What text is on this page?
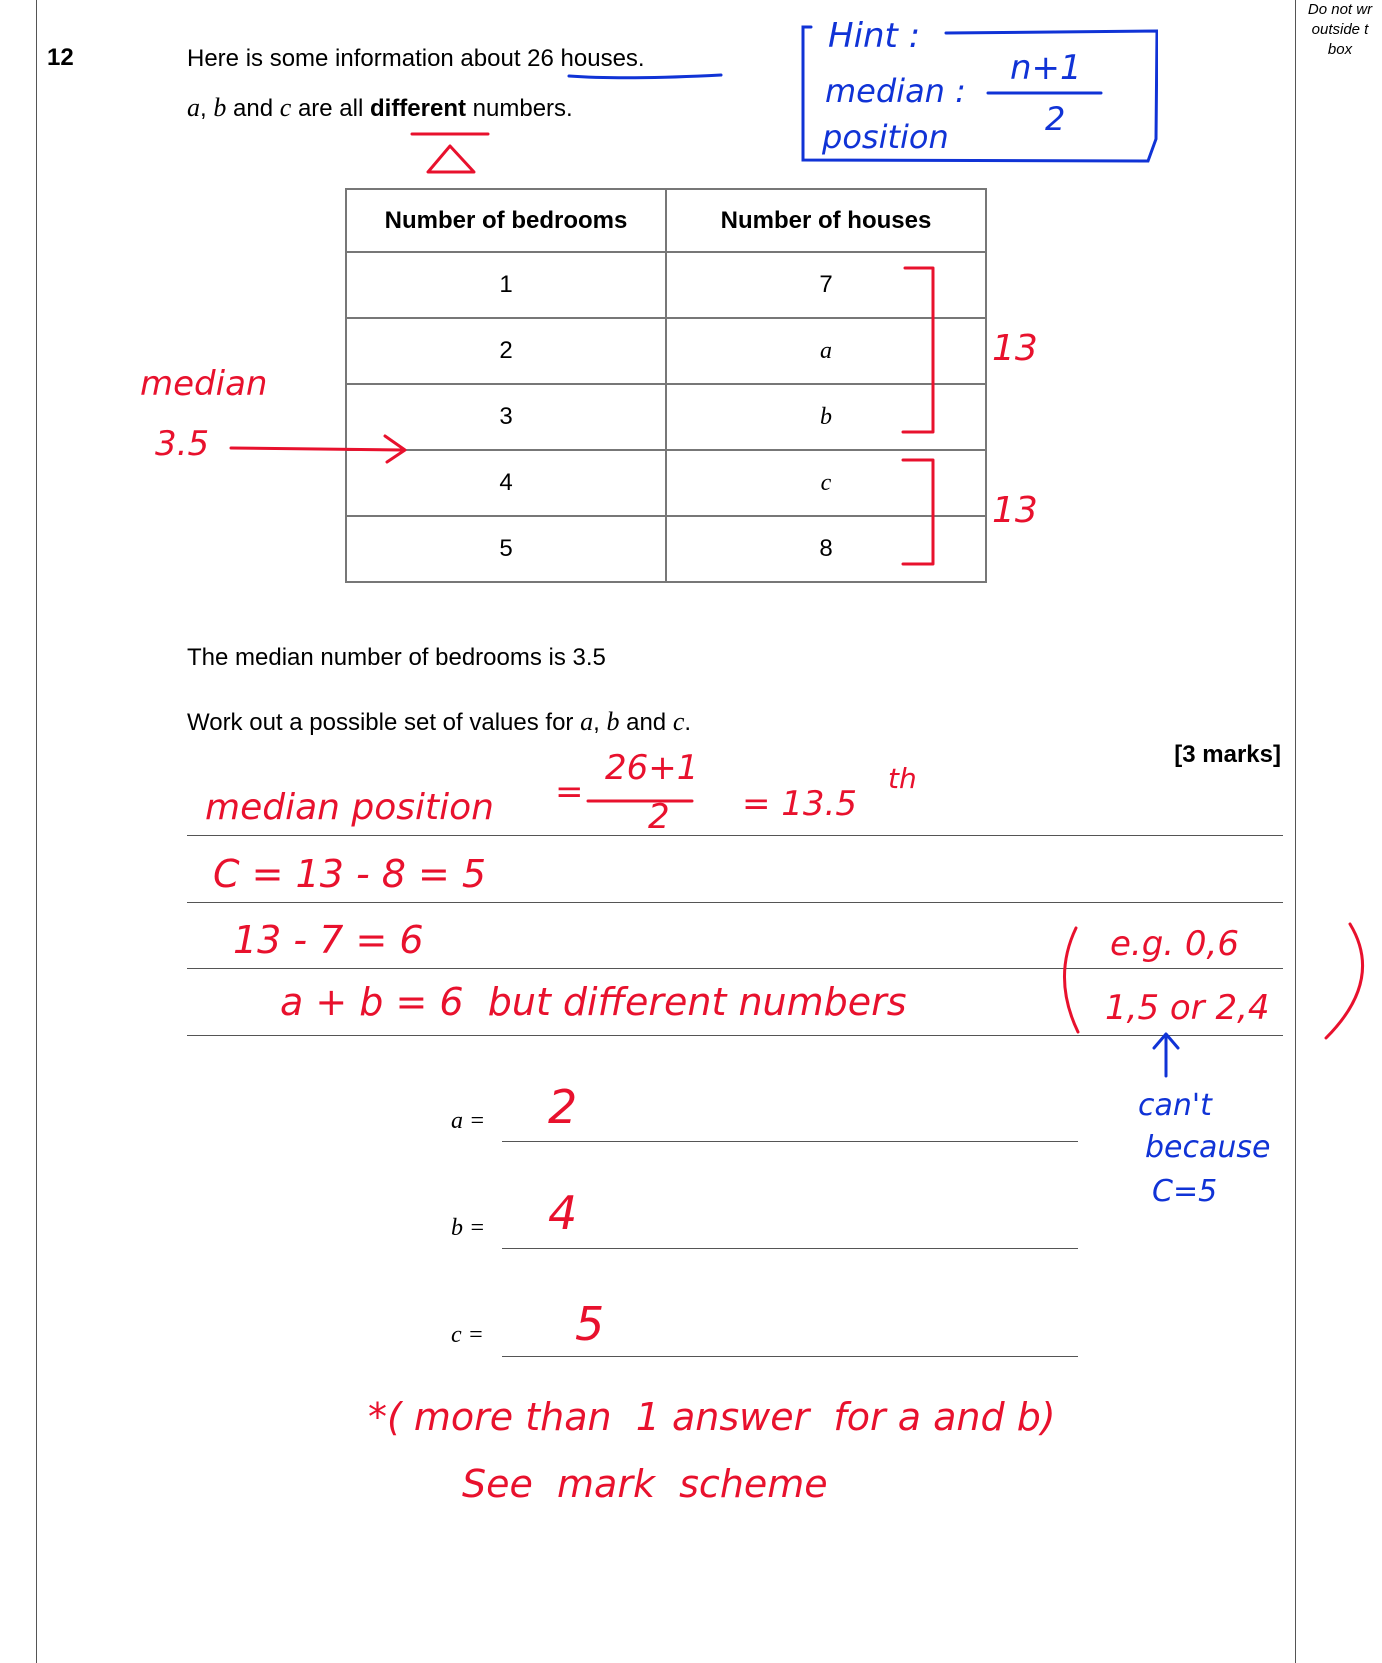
Do not wr
outside t
box
12	Here is some information about 26 houses.
a, b and c are all different numbers.
Number of bedrooms	Number of houses
1	7
2	a
3	b
4	c
5	8
The median number of bedrooms is 3.5
Work out a possible set of values for a, b and c.
[3 marks]
a =
b =
c =
Hint :
median :
position
n+1
2
median
3.5
13
13
median position =
26+1
2 = 13.5
th
C = 13 - 8 = 5
13 - 7 = 6
a + b = 6  but different numbers
e.g. 0,6
1,5 or 2,4
can't
because
C=5
2
4
5
*( more than  1 answer  for a and b)
See  mark  scheme
